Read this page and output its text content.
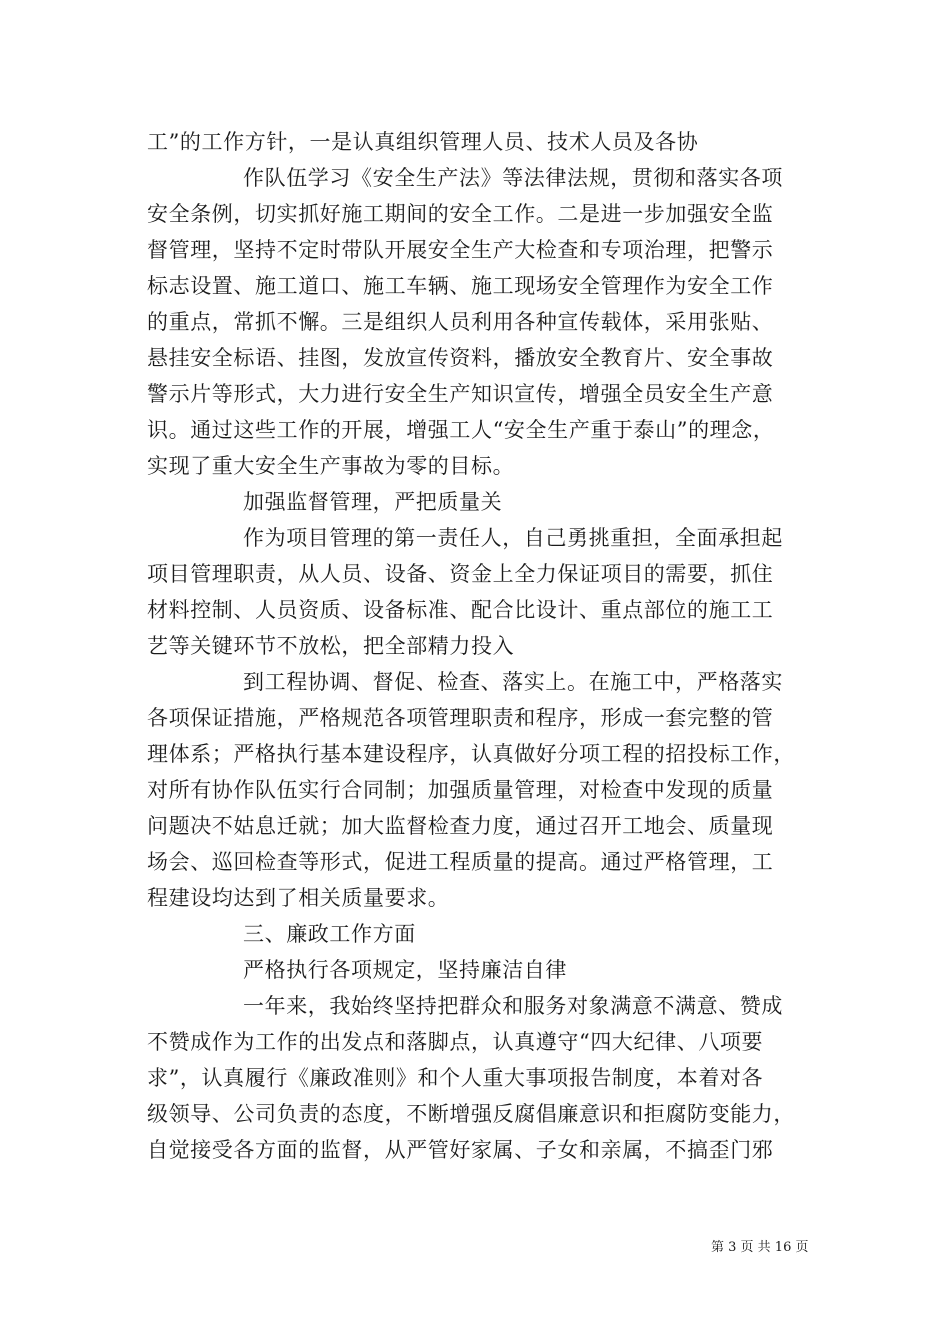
工”的工作方针，一是认真组织管理人员、技术人员及各协
作队伍学习《安全生产法》等法律法规，贯彻和落实各项
安全条例，切实抓好施工期间的安全工作。二是进一步加强安全监
督管理，坚持不定时带队开展安全生产大检查和专项治理，把警示
标志设置、施工道口、施工车辆、施工现场安全管理作为安全工作
的重点，常抓不懈。三是组织人员利用各种宣传载体，采用张贴、
悬挂安全标语、挂图，发放宣传资料，播放安全教育片、安全事故
警示片等形式，大力进行安全生产知识宣传，增强全员安全生产意
识。通过这些工作的开展，增强工人“安全生产重于泰山”的理念，
实现了重大安全生产事故为零的目标。
加强监督管理，严把质量关
作为项目管理的第一责任人，自己勇挑重担，全面承担起
项目管理职责，从人员、设备、资金上全力保证项目的需要，抓住
材料控制、人员资质、设备标准、配合比设计、重点部位的施工工
艺等关键环节不放松，把全部精力投入
到工程协调、督促、检查、落实上。在施工中，严格落实
各项保证措施，严格规范各项管理职责和程序，形成一套完整的管
理体系；严格执行基本建设程序，认真做好分项工程的招投标工作，
对所有协作队伍实行合同制；加强质量管理，对检查中发现的质量
问题决不姑息迁就；加大监督检查力度，通过召开工地会、质量现
场会、巡回检查等形式，促进工程质量的提高。通过严格管理，工
程建设均达到了相关质量要求。
三、廉政工作方面
严格执行各项规定，坚持廉洁自律
一年来，我始终坚持把群众和服务对象满意不满意、赞成
不赞成作为工作的出发点和落脚点，认真遵守“四大纪律、八项要
求”，认真履行《廉政准则》和个人重大事项报告制度，本着对各
级领导、公司负责的态度，不断增强反腐倡廉意识和拒腐防变能力，
自觉接受各方面的监督，从严管好家属、子女和亲属，不搞歪门邪
第 3 页 共 16 页
